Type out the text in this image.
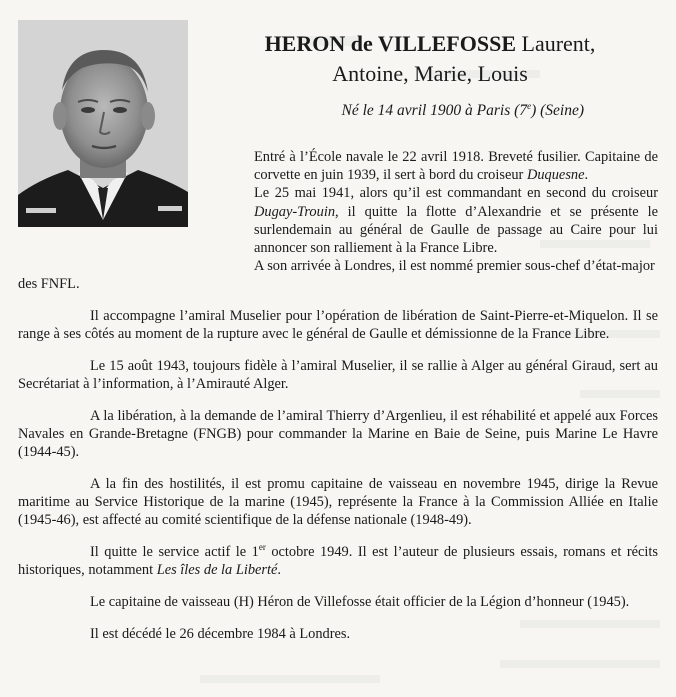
HERON de VILLEFOSSE Laurent,
Antoine, Marie, Louis
Né le 14 avril 1900 à Paris (7e) (Seine)

Entré à l’École navale le 22 avril 1918. Breveté fusilier. Capitaine de corvette en juin 1939, il sert à bord du croiseur Duquesne.

Le 25 mai 1941, alors qu’il est commandant en second du croiseur Dugay-Trouin, il quitte la flotte d’Alexandrie et se présente le surlendemain au général de Gaulle de passage au Caire pour lui annoncer son ralliement à la France Libre.

A son arrivée à Londres, il est nommé premier sous-chef d’état-major

des FNFL.

Il accompagne l’amiral Muselier pour l’opération de libération de Saint-Pierre-et-Miquelon. Il se range à ses côtés au moment de la rupture avec le général de Gaulle et démissionne de la France Libre.

Le 15 août 1943, toujours fidèle à l’amiral Muselier, il se rallie à Alger au général Giraud, sert au Secrétariat à l’information, à l’Amirauté Alger.

A la libération, à la demande de l’amiral Thierry d’Argenlieu, il est réhabilité et appelé aux Forces Navales en Grande-Bretagne (FNGB) pour commander la Marine en Baie de Seine, puis Marine Le Havre (1944-45).

A la fin des hostilités, il est promu capitaine de vaisseau en novembre 1945, dirige la Revue maritime au Service Historique de la marine (1945), représente la France à la Commission Alliée en Italie (1945-46), est affecté au comité scientifique de la défense nationale (1948-49).

Il quitte le service actif le 1er octobre 1949. Il est l’auteur de plusieurs essais, romans et récits historiques, notamment Les îles de la Liberté.

Le capitaine de vaisseau (H) Héron de Villefosse était officier de la Légion d’honneur (1945).

Il est décédé le 26 décembre 1984 à Londres.
